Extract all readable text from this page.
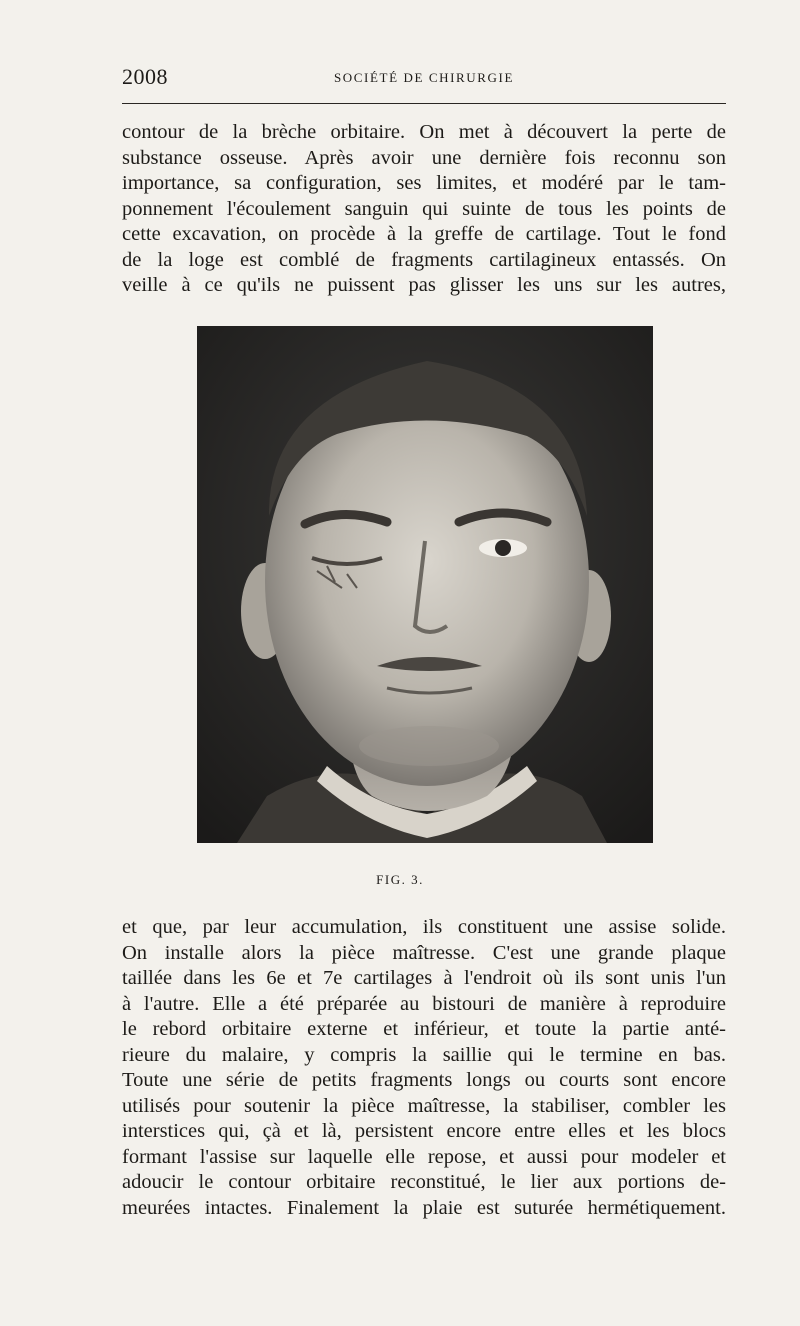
2008	SOCIÉTÉ DE CHIRURGIE
contour de la brèche orbitaire. On met à découvert la perte de
substance osseuse. Après avoir une dernière fois reconnu son
importance, sa configuration, ses limites, et modéré par le tam-
ponnement l'écoulement sanguin qui suinte de tous les points de
cette excavation, on procède à la greffe de cartilage. Tout le fond
de la loge est comblé de fragments cartilagineux entassés. On
veille à ce qu'ils ne puissent pas glisser les uns sur les autres,
FIG. 3.
et que, par leur accumulation, ils constituent une assise solide.
On installe alors la pièce maîtresse. C'est une grande plaque
taillée dans les 6e et 7e cartilages à l'endroit où ils sont unis l'un
à l'autre. Elle a été préparée au bistouri de manière à reproduire
le rebord orbitaire externe et inférieur, et toute la partie anté-
rieure du malaire, y compris la saillie qui le termine en bas.
Toute une série de petits fragments longs ou courts sont encore
utilisés pour soutenir la pièce maîtresse, la stabiliser, combler les
interstices qui, çà et là, persistent encore entre elles et les blocs
formant l'assise sur laquelle elle repose, et aussi pour modeler et
adoucir le contour orbitaire reconstitué, le lier aux portions de-
meurées intactes. Finalement la plaie est suturée hermétiquement.
